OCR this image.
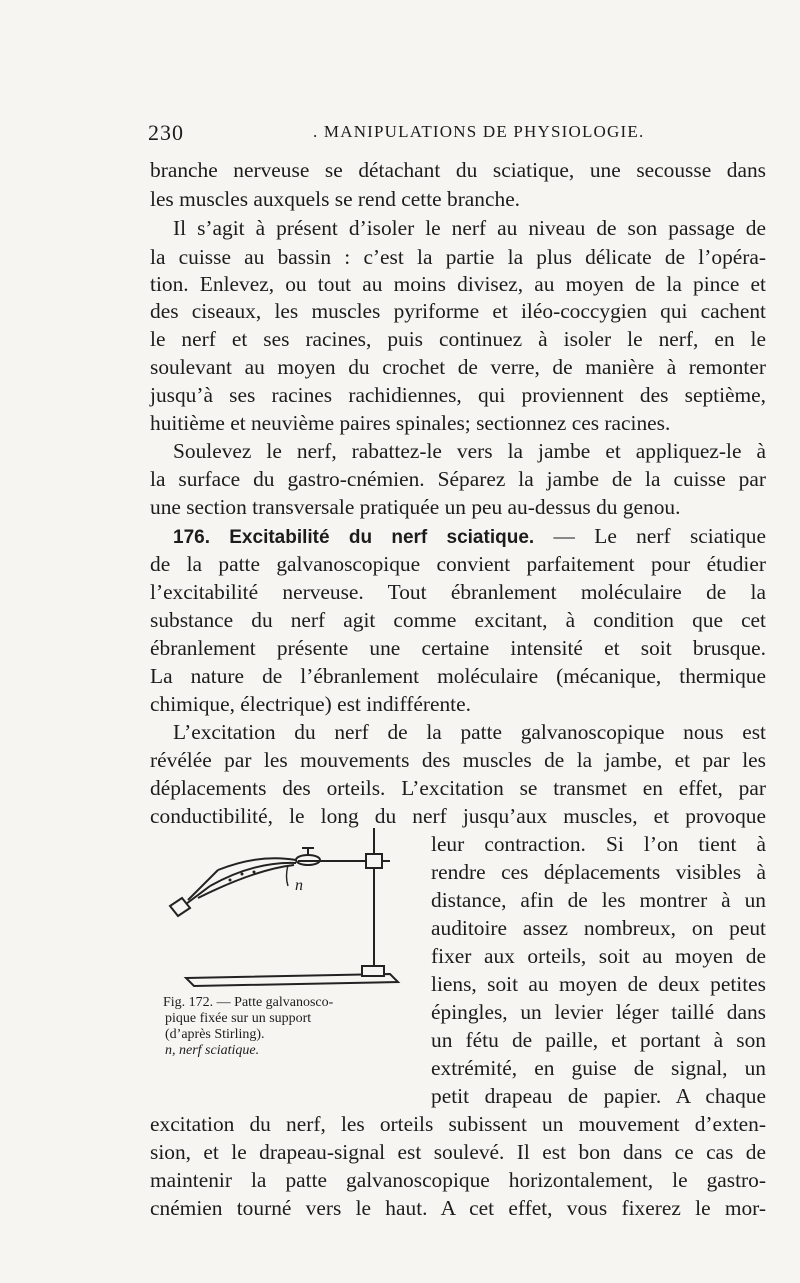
230	. MANIPULATIONS DE PHYSIOLOGIE.
branche nerveuse se détachant du sciatique, une secousse dans
les muscles auxquels se rend cette branche.
Il s’agit à présent d’isoler le nerf au niveau de son passage de
la cuisse au bassin : c’est la partie la plus délicate de l’opéra-
tion. Enlevez, ou tout au moins divisez, au moyen de la pince et
des ciseaux, les muscles pyriforme et iléo-coccygien qui cachent
le nerf et ses racines, puis continuez à isoler le nerf, en le
soulevant au moyen du crochet de verre, de manière à remonter
jusqu’à ses racines rachidiennes, qui proviennent des septième,
huitième et neuvième paires spinales; sectionnez ces racines.
Soulevez le nerf, rabattez-le vers la jambe et appliquez-le à
la surface du gastro-cnémien. Séparez la jambe de la cuisse par
une section transversale pratiquée un peu au-dessus du genou.
176. Excitabilité du nerf sciatique. — Le nerf sciatique
de la patte galvanoscopique convient parfaitement pour étudier
l’excitabilité nerveuse. Tout ébranlement moléculaire de la
substance du nerf agit comme excitant, à condition que cet
ébranlement présente une certaine intensité et soit brusque.
La nature de l’ébranlement moléculaire (mécanique, thermique
chimique, électrique) est indifférente.
L’excitation du nerf de la patte galvanoscopique nous est
révélée par les mouvements des muscles de la jambe, et par les
déplacements des orteils. L’excitation se transmet en effet, par
conductibilité, le long du nerf jusqu’aux muscles, et provoque
leur contraction. Si l’on tient à
rendre ces déplacements visibles à
distance, afin de les montrer à un
auditoire assez nombreux, on peut
fixer aux orteils, soit au moyen de
liens, soit au moyen de deux petites
épingles, un levier léger taillé dans
un fétu de paille, et portant à son
extrémité, en guise de signal, un
petit drapeau de papier. A chaque
n
Fig. 172. — Patte galvanosco-
pique fixée sur un support
(d’après Stirling).
n, nerf sciatique.
excitation du nerf, les orteils subissent un mouvement d’exten-
sion, et le drapeau-signal est soulevé. Il est bon dans ce cas de
maintenir la patte galvanoscopique horizontalement, le gastro-
cnémien tourné vers le haut. A cet effet, vous fixerez le mor-
